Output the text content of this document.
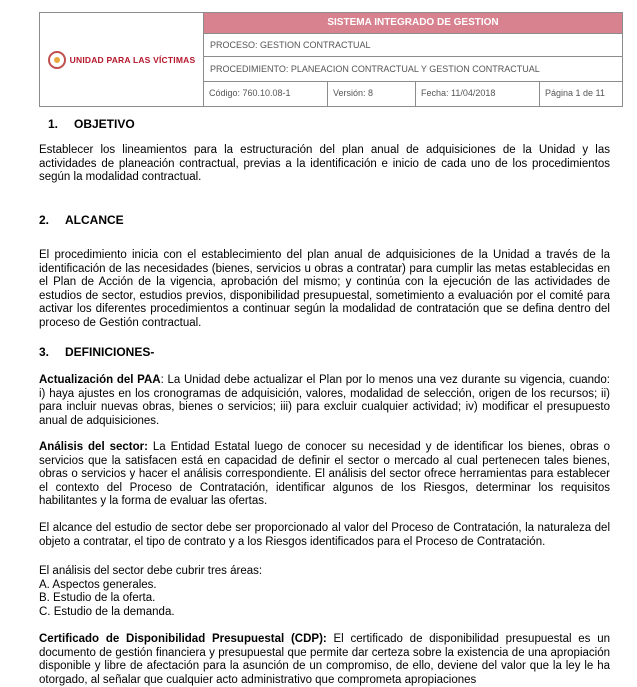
UNIDAD PARA LAS VÍCTIMAS
SISTEMA INTEGRADO DE GESTION
PROCESO: GESTION CONTRACTUAL
PROCEDIMIENTO: PLANEACION CONTRACTUAL Y GESTION CONTRACTUAL
Código: 760.10.08-1	Versión: 8	Fecha: 11/04/2018	Página 1 de 11
1. OBJETIVO

Establecer los lineamientos para la estructuración del plan anual de adquisiciones de la Unidad y las actividades de planeación contractual, previas a la identificación e inicio de cada uno de los procedimientos según la modalidad contractual.

2. ALCANCE

El procedimiento inicia con el establecimiento del plan anual de adquisiciones de la Unidad a través de la identificación de las necesidades (bienes, servicios u obras a contratar) para cumplir las metas establecidas en el Plan de Acción de la vigencia, aprobación del mismo; y continúa con la ejecución de las actividades de estudios de sector, estudios previos, disponibilidad presupuestal, sometimiento a evaluación por el comité para activar los diferentes procedimientos a continuar según la modalidad de contratación que se defina dentro del proceso de Gestión contractual.

3. DEFINICIONES-

Actualización del PAA: La Unidad debe actualizar el Plan por lo menos una vez durante su vigencia, cuando: i) haya ajustes en los cronogramas de adquisición, valores, modalidad de selección, origen de los recursos; ii) para incluir nuevas obras, bienes o servicios; iii) para excluir cualquier actividad; iv) modificar el presupuesto anual de adquisiciones.

Análisis del sector: La Entidad Estatal luego de conocer su necesidad y de identificar los bienes, obras o servicios que la satisfacen está en capacidad de definir el sector o mercado al cual pertenecen tales bienes, obras o servicios y hacer el análisis correspondiente. El análisis del sector ofrece herramientas para establecer el contexto del Proceso de Contratación, identificar algunos de los Riesgos, determinar los requisitos habilitantes y la forma de evaluar las ofertas.

El alcance del estudio de sector debe ser proporcionado al valor del Proceso de Contratación, la naturaleza del objeto a contratar, el tipo de contrato y a los Riesgos identificados para el Proceso de Contratación.

El análisis del sector debe cubrir tres áreas:

A. Aspectos generales.

B. Estudio de la oferta.

C. Estudio de la demanda.

Certificado de Disponibilidad Presupuestal (CDP): El certificado de disponibilidad presupuestal es un documento de gestión financiera y presupuestal que permite dar certeza sobre la existencia de una apropiación disponible y libre de afectación para la asunción de un compromiso, de ello, deviene del valor que la ley le ha otorgado, al señalar que cualquier acto administrativo que comprometa apropiaciones
